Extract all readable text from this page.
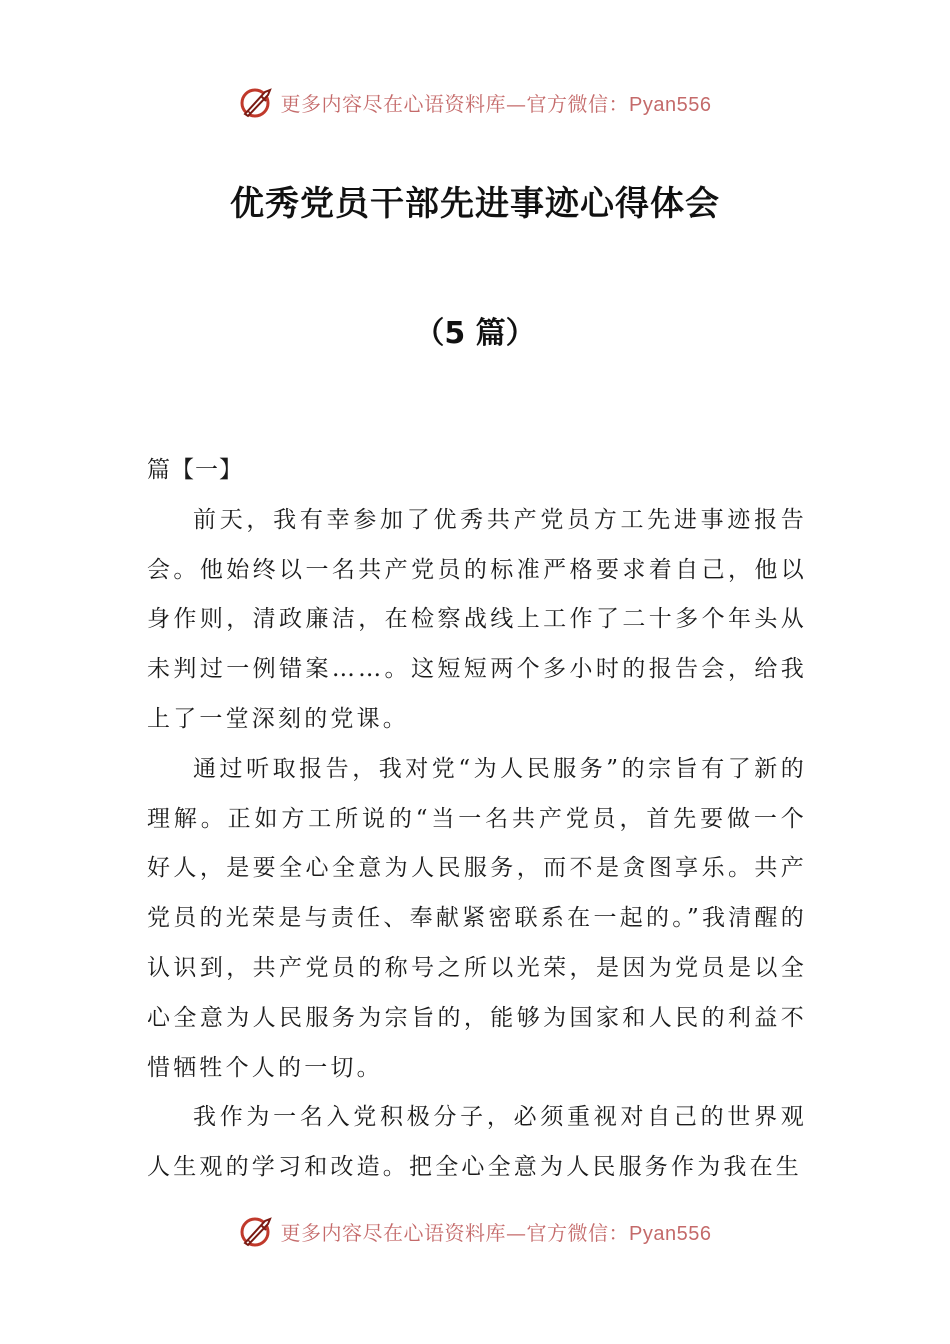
更多内容尽在心语资料库—官方微信：Pyan556
优秀党员干部先进事迹心得体会
（5 篇）

篇【一】

前天，我有幸参加了优秀共产党员方工先进事迹报告会。他始终以一名共产党员的标准严格要求着自己，他以身作则，清政廉洁，在检察战线上工作了二十多个年头从未判过一例错案……。这短短两个多小时的报告会，给我上了一堂深刻的党课。

通过听取报告，我对党“为人民服务”的宗旨有了新的理解。正如方工所说的“当一名共产党员，首先要做一个好人，是要全心全意为人民服务，而不是贪图享乐。共产党员的光荣是与责任、奉献紧密联系在一起的。”我清醒的认识到，共产党员的称号之所以光荣，是因为党员是以全心全意为人民服务为宗旨的，能够为国家和人民的利益不惜牺牲个人的一切。

我作为一名入党积极分子，必须重视对自己的世界观人生观的学习和改造。把全心全意为人民服务作为我在生

更多内容尽在心语资料库—官方微信：Pyan556
